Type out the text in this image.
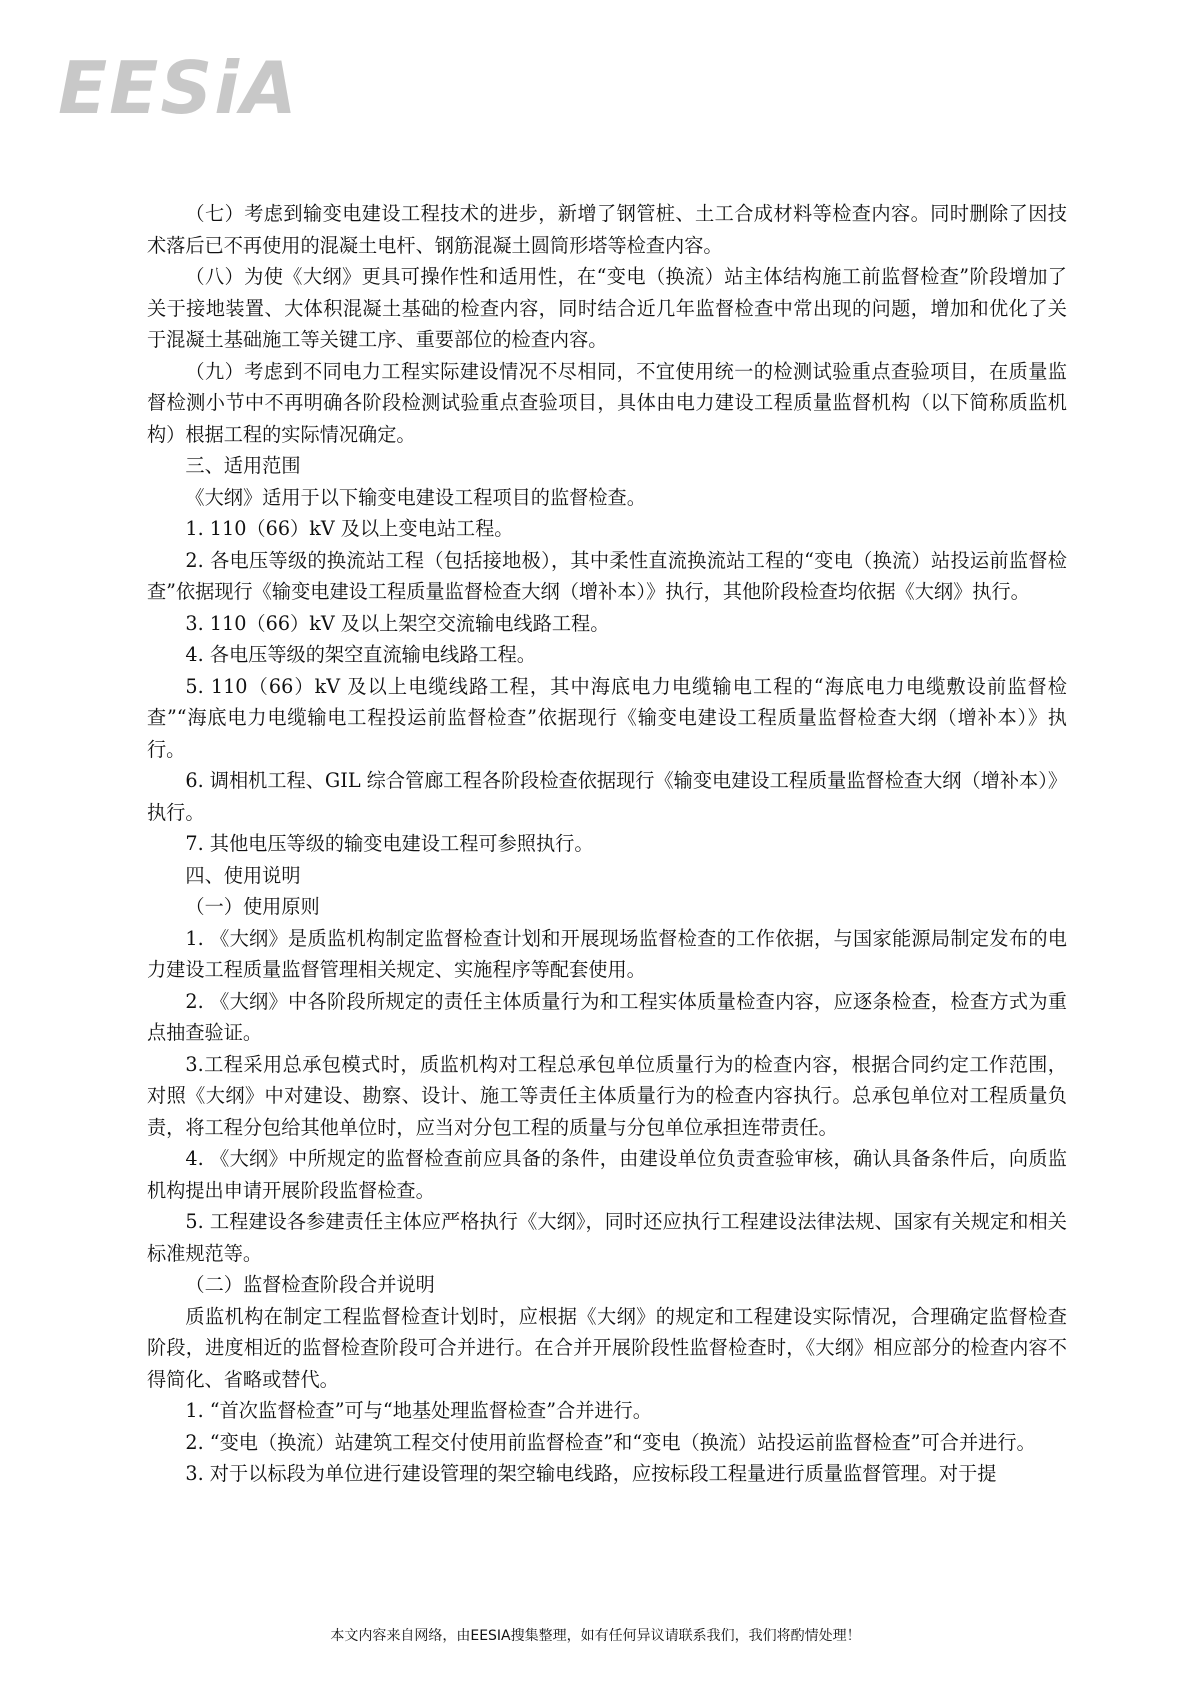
EESiA

（七）考虑到输变电建设工程技术的进步，新增了钢管桩、土工合成材料等检查内容。同时删除了因技术落后已不再使用的混凝土电杆、钢筋混凝土圆筒形塔等检查内容。

（八）为使《大纲》更具可操作性和适用性，在“变电（换流）站主体结构施工前监督检查”阶段增加了关于接地装置、大体积混凝土基础的检查内容，同时结合近几年监督检查中常出现的问题，增加和优化了关于混凝土基础施工等关键工序、重要部位的检查内容。

（九）考虑到不同电力工程实际建设情况不尽相同，不宜使用统一的检测试验重点查验项目，在质量监督检测小节中不再明确各阶段检测试验重点查验项目，具体由电力建设工程质量监督机构（以下简称质监机构）根据工程的实际情况确定。

三、适用范围

《大纲》适用于以下输变电建设工程项目的监督检查。

1. 110（66）kV 及以上变电站工程。

2. 各电压等级的换流站工程（包括接地极），其中柔性直流换流站工程的“变电（换流）站投运前监督检查”依据现行《输变电建设工程质量监督检查大纲（增补本）》执行，其他阶段检查均依据《大纲》执行。

3. 110（66）kV 及以上架空交流输电线路工程。

4. 各电压等级的架空直流输电线路工程。

5. 110（66）kV 及以上电缆线路工程，其中海底电力电缆输电工程的“海底电力电缆敷设前监督检查”“海底电力电缆输电工程投运前监督检查”依据现行《输变电建设工程质量监督检查大纲（增补本）》执行。

6. 调相机工程、GIL 综合管廊工程各阶段检查依据现行《输变电建设工程质量监督检查大纲（增补本）》执行。

7. 其他电压等级的输变电建设工程可参照执行。

四、使用说明

（一）使用原则

1. 《大纲》是质监机构制定监督检查计划和开展现场监督检查的工作依据，与国家能源局制定发布的电力建设工程质量监督管理相关规定、实施程序等配套使用。

2. 《大纲》中各阶段所规定的责任主体质量行为和工程实体质量检查内容，应逐条检查，检查方式为重点抽查验证。

3.工程采用总承包模式时，质监机构对工程总承包单位质量行为的检查内容，根据合同约定工作范围，对照《大纲》中对建设、勘察、设计、施工等责任主体质量行为的检查内容执行。总承包单位对工程质量负责，将工程分包给其他单位时，应当对分包工程的质量与分包单位承担连带责任。

4. 《大纲》中所规定的监督检查前应具备的条件，由建设单位负责查验审核，确认具备条件后，向质监机构提出申请开展阶段监督检查。

5. 工程建设各参建责任主体应严格执行《大纲》，同时还应执行工程建设法律法规、国家有关规定和相关标准规范等。

（二）监督检查阶段合并说明

质监机构在制定工程监督检查计划时，应根据《大纲》的规定和工程建设实际情况，合理确定监督检查阶段，进度相近的监督检查阶段可合并进行。在合并开展阶段性监督检查时，《大纲》相应部分的检查内容不得简化、省略或替代。

1. “首次监督检查”可与“地基处理监督检查”合并进行。

2. “变电（换流）站建筑工程交付使用前监督检查”和“变电（换流）站投运前监督检查”可合并进行。

3. 对于以标段为单位进行建设管理的架空输电线路，应按标段工程量进行质量监督管理。对于提

本文内容来自网络，由EESIA搜集整理，如有任何异议请联系我们，我们将酌情处理！
